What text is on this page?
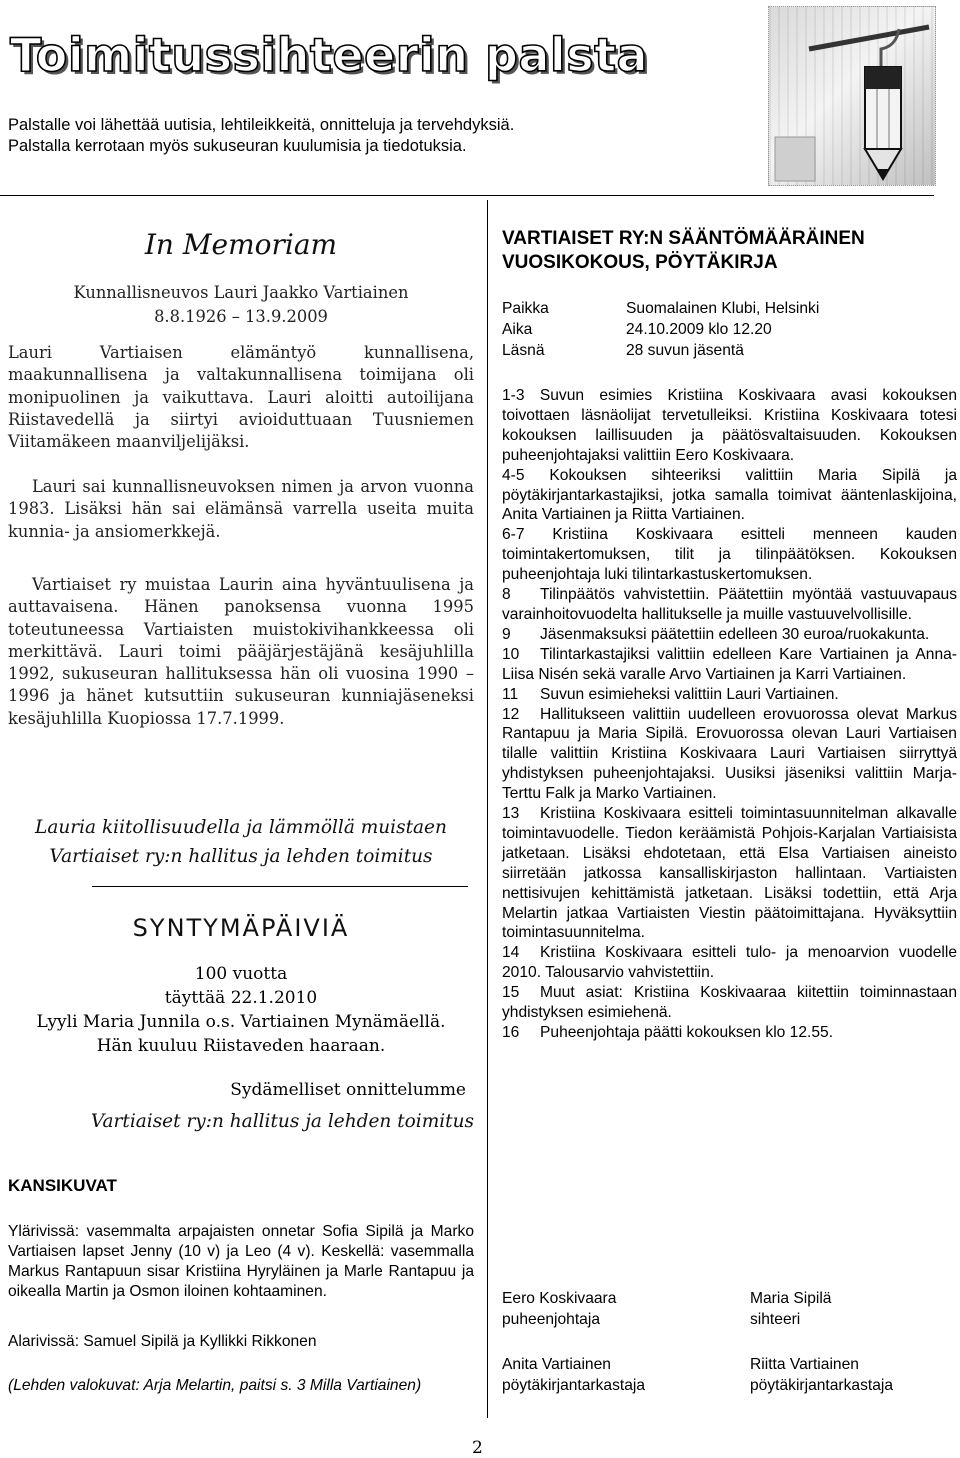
Toimitussihteerin palsta
Palstalle voi lähettää uutisia, lehtileikkeitä, onnitteluja ja tervehdyksiä.
Palstalla kerrotaan myös sukuseuran kuulumisia ja tiedotuksia.
In Memoriam
Kunnallisneuvos Lauri Jaakko Vartiainen
8.8.1926 – 13.9.2009
Lauri Vartiaisen elämäntyö kunnallisena, maakunnallisena ja valtakunnallisena toimijana oli monipuolinen ja vaikuttava. Lauri aloitti autoilijana Riistavedellä ja siirtyi avioiduttuaan Tuusniemen Viitamäkeen maanviljelijäksi.
Lauri sai kunnallisneuvoksen nimen ja arvon vuonna 1983. Lisäksi hän sai elämänsä varrella useita muita kunnia- ja ansiomerkkejä.
Vartiaiset ry muistaa Laurin aina hyväntuulisena ja auttavaisena. Hänen panoksensa vuonna 1995 toteutuneessa Vartiaisten muistokivihankkeessa oli merkittävä. Lauri toimi pääjärjestäjänä kesäjuhlilla 1992, sukuseuran hallituksessa hän oli vuosina 1990 – 1996 ja hänet kutsuttiin sukuseuran kunniajäseneksi kesäjuhlilla Kuopiossa 17.7.1999.
Lauria kiitollisuudella ja lämmöllä muistaen
Vartiaiset ry:n hallitus ja lehden toimitus
SYNTYMÄPÄIVIÄ
100 vuotta
täyttää 22.1.2010
Lyyli Maria Junnila o.s. Vartiainen Mynämäellä.
Hän kuuluu Riistaveden haaraan.
Sydämelliset onnittelumme
Vartiaiset ry:n hallitus ja lehden toimitus
KANSIKUVAT
Ylärivissä: vasemmalta arpajaisten onnetar Sofia Sipilä ja Marko Vartiaisen lapset Jenny (10 v) ja Leo (4 v). Keskellä: vasemmalla Markus Rantapuun sisar Kristiina Hyryläinen ja Marle Rantapuu ja oikealla Martin ja Osmon iloinen kohtaaminen.
Alarivissä: Samuel Sipilä ja Kyllikki Rikkonen
(Lehden valokuvat: Arja Melartin, paitsi s. 3 Milla Vartiainen)
VARTIAISET RY:N SÄÄNTÖMÄÄRÄINEN VUOSIKOKOUS, PÖYTÄKIRJA
Paikka	Suomalainen Klubi, Helsinki
Aika	24.10.2009 klo 12.20
Läsnä	28 suvun jäsentä

1-3 Suvun esimies Kristiina Koskivaara avasi kokouksen toivottaen läsnäolijat tervetulleiksi. Kristiina Koskivaara totesi kokouksen laillisuuden ja päätösvaltaisuuden. Kokouksen puheenjohtajaksi valittiin Eero Koskivaara.

4-5 Kokouksen sihteeriksi valittiin Maria Sipilä ja pöytäkirjantarkastajiksi, jotka samalla toimivat ääntenlaskijoina, Anita Vartiainen ja Riitta Vartiainen.

6-7 Kristiina Koskivaara esitteli menneen kauden toimintakertomuksen, tilit ja tilinpäätöksen. Kokouksen puheenjohtaja luki tilintarkastuskertomuksen.

8 Tilinpäätös vahvistettiin. Päätettiin myöntää vastuuvapaus varainhoitovuodelta hallitukselle ja muille vastuuvelvollisille.

9 Jäsenmaksuksi päätettiin edelleen 30 euroa/ruokakunta.

10 Tilintarkastajiksi valittiin edelleen Kare Vartiainen ja Anna-Liisa Nisén sekä varalle Arvo Vartiainen ja Karri Vartiainen.

11 Suvun esimieheksi valittiin Lauri Vartiainen.

12 Hallitukseen valittiin uudelleen erovuorossa olevat Markus Rantapuu ja Maria Sipilä. Erovuorossa olevan Lauri Vartiaisen tilalle valittiin Kristiina Koskivaara Lauri Vartiaisen siirryttyä yhdistyksen puheenjohtajaksi. Uusiksi jäseniksi valittiin Marja-Terttu Falk ja Marko Vartiainen.

13 Kristiina Koskivaara esitteli toimintasuunnitelman alkavalle toimintavuodelle. Tiedon keräämistä Pohjois-Karjalan Vartiaisista jatketaan. Lisäksi ehdotetaan, että Elsa Vartiaisen aineisto siirretään jatkossa kansalliskirjaston hallintaan. Vartiaisten nettisivujen kehittämistä jatketaan. Lisäksi todettiin, että Arja Melartin jatkaa Vartiaisten Viestin päätoimittajana. Hyväksyttiin toimintasuunnitelma.

14 Kristiina Koskivaara esitteli tulo- ja menoarvion vuodelle 2010. Talousarvio vahvistettiin.

15 Muut asiat: Kristiina Koskivaaraa kiitettiin toiminnastaan yhdistyksen esimiehenä.

16 Puheenjohtaja päätti kokouksen klo 12.55.

Eero Koskivaara
puheenjohtaja
Maria Sipilä
sihteeri
Anita Vartiainen
pöytäkirjantarkastaja
Riitta Vartiainen
pöytäkirjantarkastaja
2
